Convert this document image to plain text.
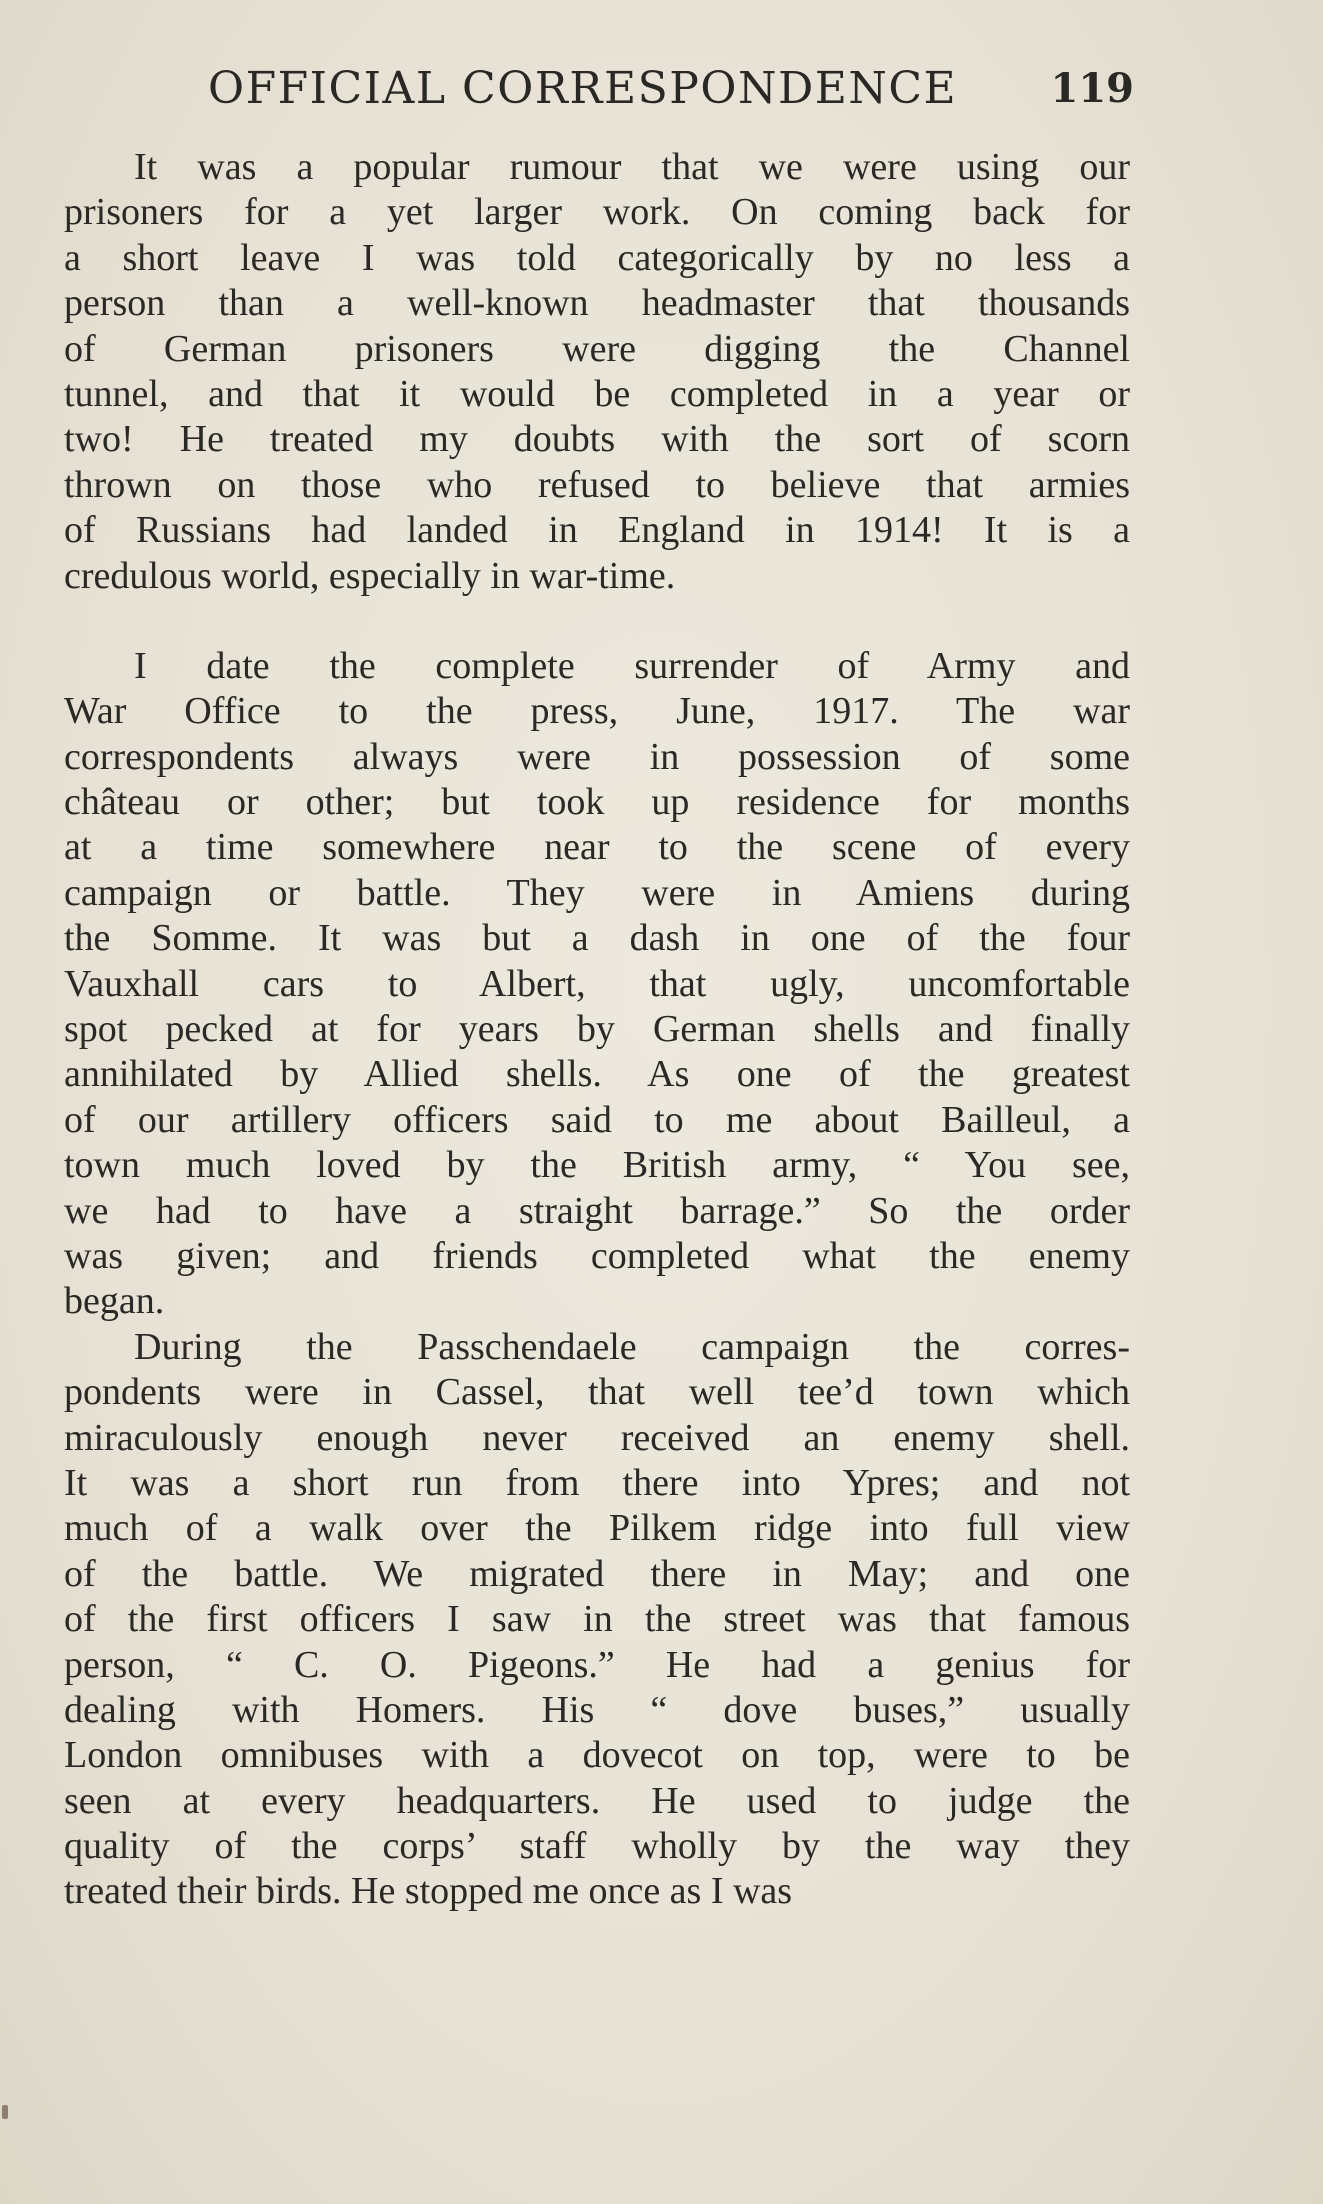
OFFICIAL CORRESPONDENCE 119
It was a popular rumour that we were using our
prisoners for a yet larger work. On coming back for
a short leave I was told categorically by no less a
person than a well-known headmaster that thousands
of German prisoners were digging the Channel
tunnel, and that it would be completed in a year or
two! He treated my doubts with the sort of scorn
thrown on those who refused to believe that armies
of Russians had landed in England in 1914! It is a
credulous world, especially in war-time.
I date the complete surrender of Army and
War Office to the press, June, 1917. The war
correspondents always were in possession of some
château or other; but took up residence for months
at a time somewhere near to the scene of every
campaign or battle. They were in Amiens during
the Somme. It was but a dash in one of the four
Vauxhall cars to Albert, that ugly, uncomfortable
spot pecked at for years by German shells and finally
annihilated by Allied shells. As one of the greatest
of our artillery officers said to me about Bailleul, a
town much loved by the British army, “ You see,
we had to have a straight barrage.” So the order
was given; and friends completed what the enemy
began.
During the Passchendaele campaign the corres-
pondents were in Cassel, that well tee’d town which
miraculously enough never received an enemy shell.
It was a short run from there into Ypres; and not
much of a walk over the Pilkem ridge into full view
of the battle. We migrated there in May; and one
of the first officers I saw in the street was that famous
person, “ C. O. Pigeons.” He had a genius for
dealing with Homers. His “ dove buses,” usually
London omnibuses with a dovecot on top, were to be
seen at every headquarters. He used to judge the
quality of the corps’ staff wholly by the way they
treated their birds. He stopped me once as I was
